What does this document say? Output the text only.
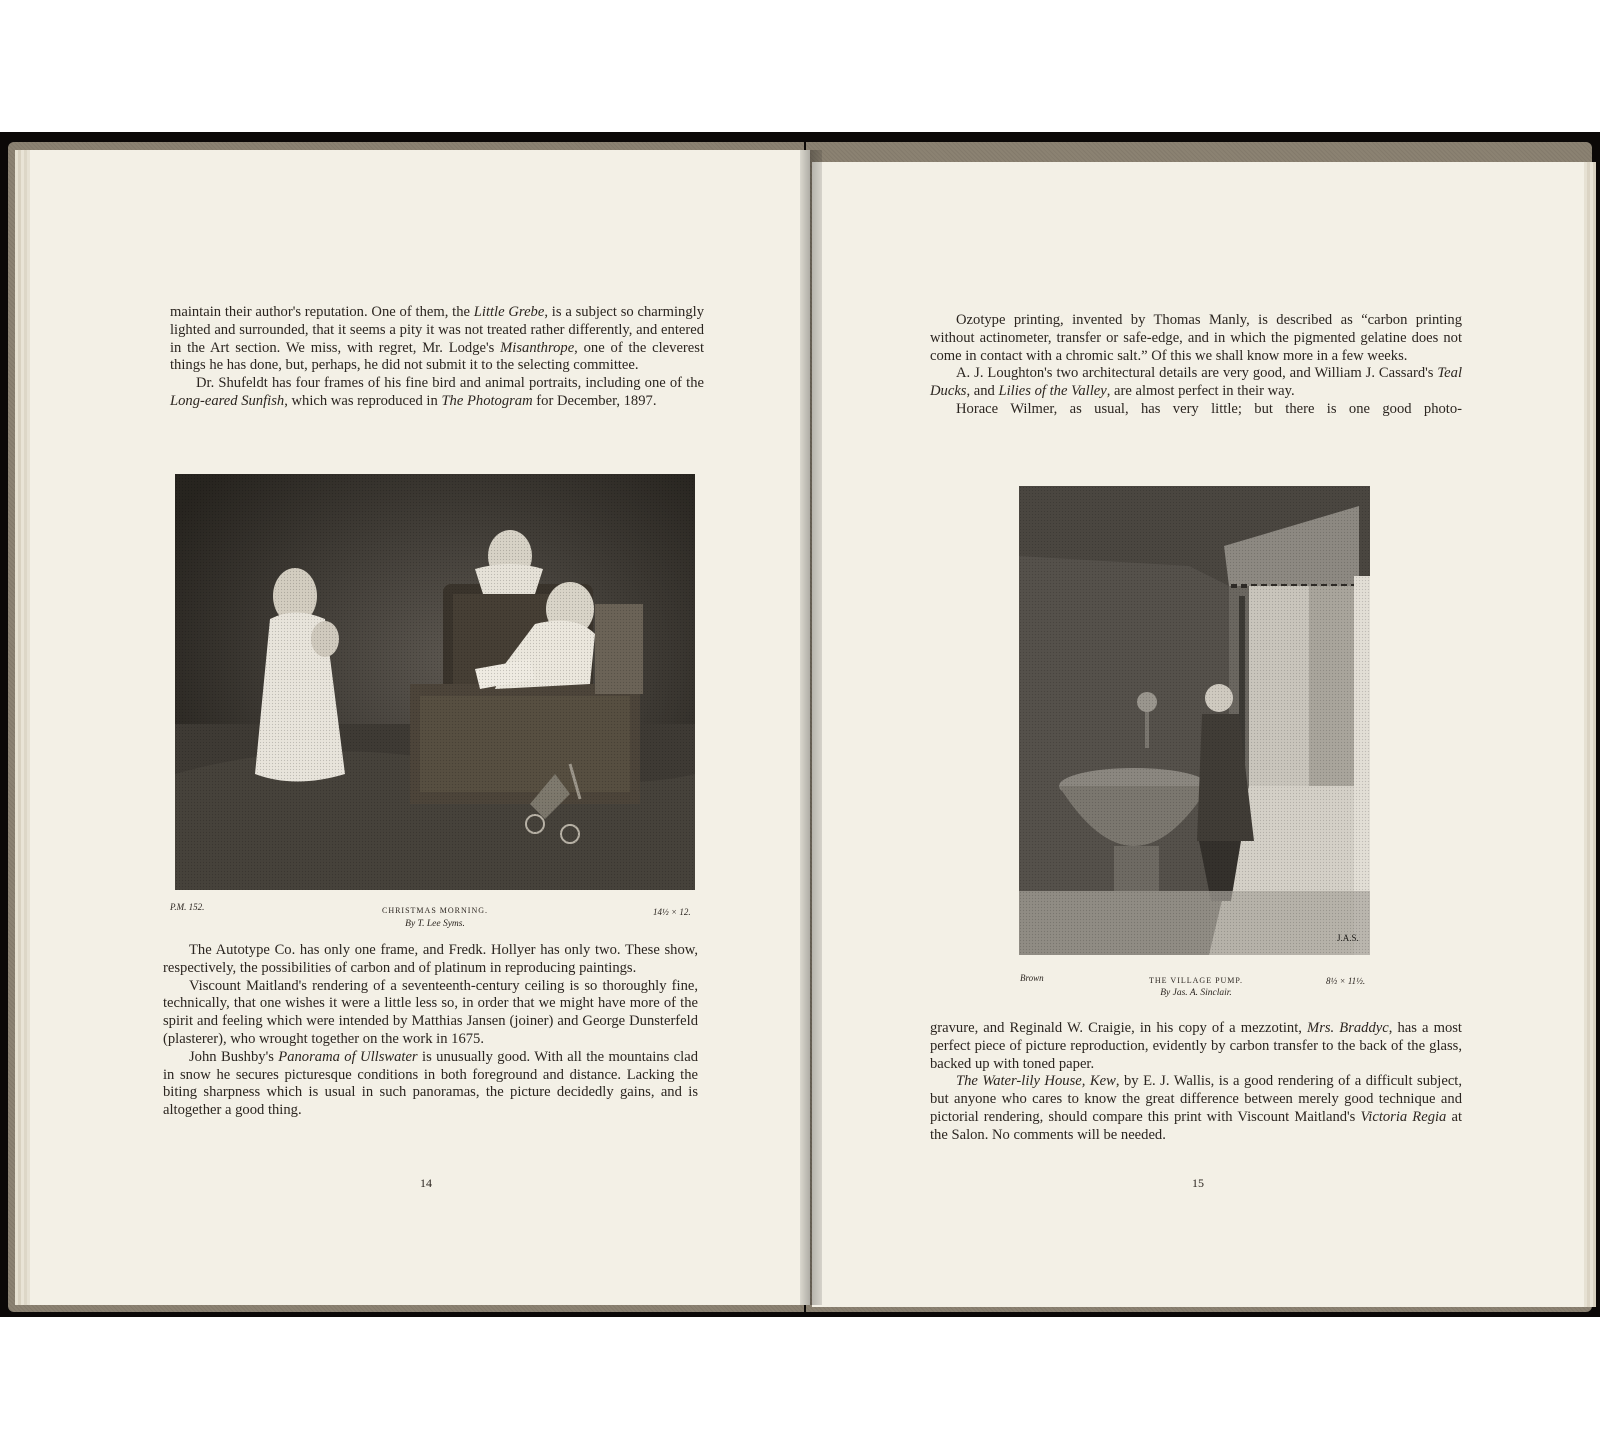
maintain their author's reputation. One of them, the Little Grebe, is a subject so charmingly lighted and surrounded, that it seems a pity it was not treated rather differently, and entered in the Art section. We miss, with regret, Mr. Lodge's Misanthrope, one of the cleverest things he has done, but, perhaps, he did not submit it to the selecting committee.

Dr. Shufeldt has four frames of his fine bird and animal portraits, including one of the Long-eared Sunfish, which was reproduced in The Photogram for December, 1897.

P.M. 152.	CHRISTMAS MORNING.
By T. Lee Syms.
14½ × 12.

The Autotype Co. has only one frame, and Fredk. Hollyer has only two. These show, respectively, the possibilities of carbon and of platinum in reproducing paintings.

Viscount Maitland's rendering of a seventeenth-century ceiling is so thoroughly fine, technically, that one wishes it were a little less so, in order that we might have more of the spirit and feeling which were intended by Matthias Jansen (joiner) and George Dunsterfeld (plasterer), who wrought together on the work in 1675.

John Bushby's Panorama of Ullswater is unusually good. With all the mountains clad in snow he secures picturesque conditions in both foreground and distance. Lacking the biting sharpness which is usual in such panoramas, the picture decidedly gains, and is altogether a good thing.

14

Ozotype printing, invented by Thomas Manly, is described as “carbon printing without actinometer, transfer or safe-edge, and in which the pigmented gelatine does not come in contact with a chromic salt.” Of this we shall know more in a few weeks.

A. J. Loughton's two architectural details are very good, and William J. Cassard's Teal Ducks, and Lilies of the Valley, are almost perfect in their way.

Horace Wilmer, as usual, has very little; but there is one good photo-

J.A.S.
Brown	THE VILLAGE PUMP.
By Jas. A. Sinclair.
8½ × 11½.

gravure, and Reginald W. Craigie, in his copy of a mezzotint, Mrs. Braddyc, has a most perfect piece of picture reproduction, evidently by carbon transfer to the back of the glass, backed up with toned paper.

The Water-lily House, Kew, by E. J. Wallis, is a good rendering of a difficult subject, but anyone who cares to know the great difference between merely good technique and pictorial rendering, should compare this print with Viscount Maitland's Victoria Regia at the Salon. No comments will be needed.

15
